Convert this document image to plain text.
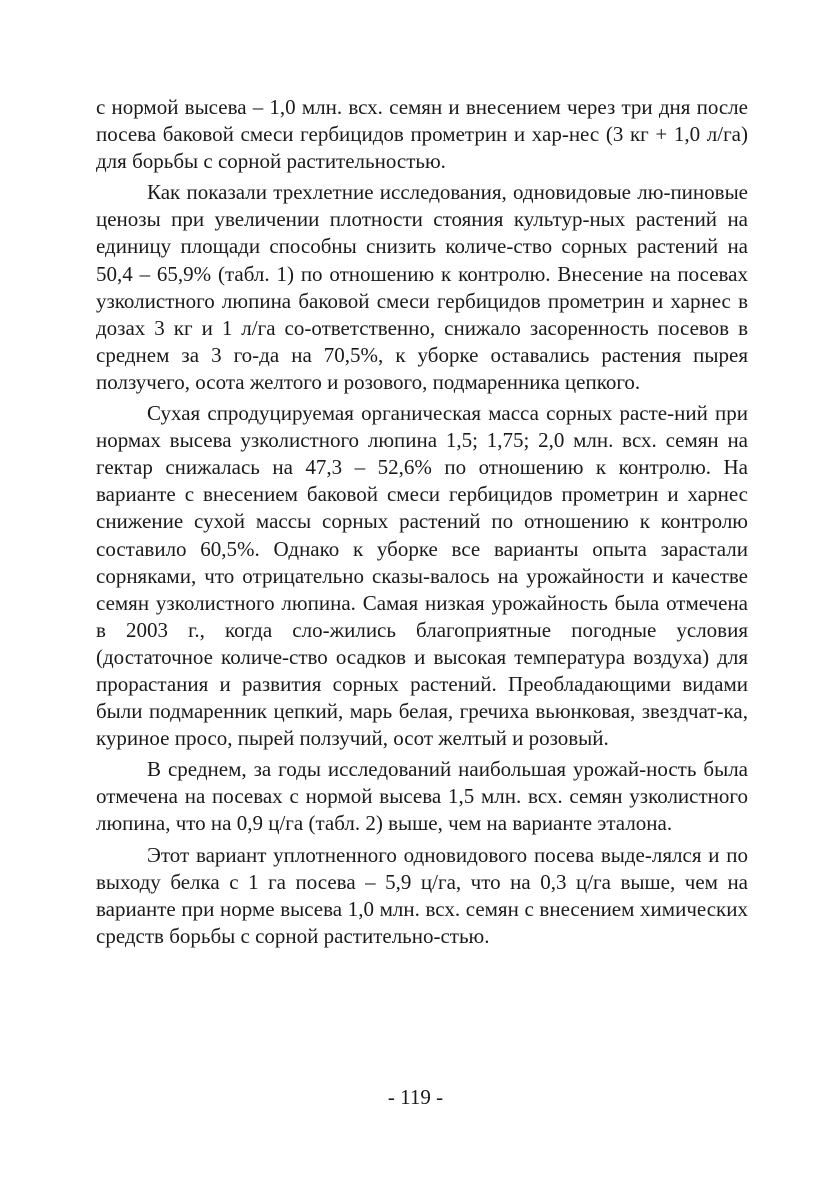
с нормой высева – 1,0 млн. всх. семян и внесением через три дня после посева баковой смеси гербицидов прометрин и хар-нес (3 кг + 1,0 л/га) для борьбы с сорной растительностью.

Как показали трехлетние исследования, одновидовые лю-пиновые ценозы при увеличении плотности стояния культур-ных растений на единицу площади способны снизить количе-ство сорных растений на 50,4 – 65,9% (табл. 1) по отношению к контролю. Внесение на посевах узколистного люпина баковой смеси гербицидов прометрин и харнес в дозах 3 кг и 1 л/га со-ответственно, снижало засоренность посевов в среднем за 3 го-да на 70,5%, к уборке оставались растения пырея ползучего, осота желтого и розового, подмаренника цепкого.

Сухая спродуцируемая органическая масса сорных расте-ний при нормах высева узколистного люпина 1,5; 1,75; 2,0 млн. всх. семян на гектар снижалась на 47,3 – 52,6% по отношению к контролю. На варианте с внесением баковой смеси гербицидов прометрин и харнес снижение сухой массы сорных растений по отношению к контролю составило 60,5%. Однако к уборке все варианты опыта зарастали сорняками, что отрицательно сказы-валось на урожайности и качестве семян узколистного люпина. Самая низкая урожайность была отмечена в 2003 г., когда сло-жились благоприятные погодные условия (достаточное количе-ство осадков и высокая температура воздуха) для прорастания и развития сорных растений. Преобладающими видами были подмаренник цепкий, марь белая, гречиха вьюнковая, звездчат-ка, куриное просо, пырей ползучий, осот желтый и розовый.

В среднем, за годы исследований наибольшая урожай-ность была отмечена на посевах с нормой высева 1,5 млн. всх. семян узколистного люпина, что на 0,9 ц/га (табл. 2) выше, чем на варианте эталона.

Этот вариант уплотненного одновидового посева выде-лялся и по выходу белка с 1 га посева – 5,9 ц/га, что на 0,3 ц/га выше, чем на варианте при норме высева 1,0 млн. всх. семян с внесением химических средств борьбы с сорной растительно-стью.

- 119 -
